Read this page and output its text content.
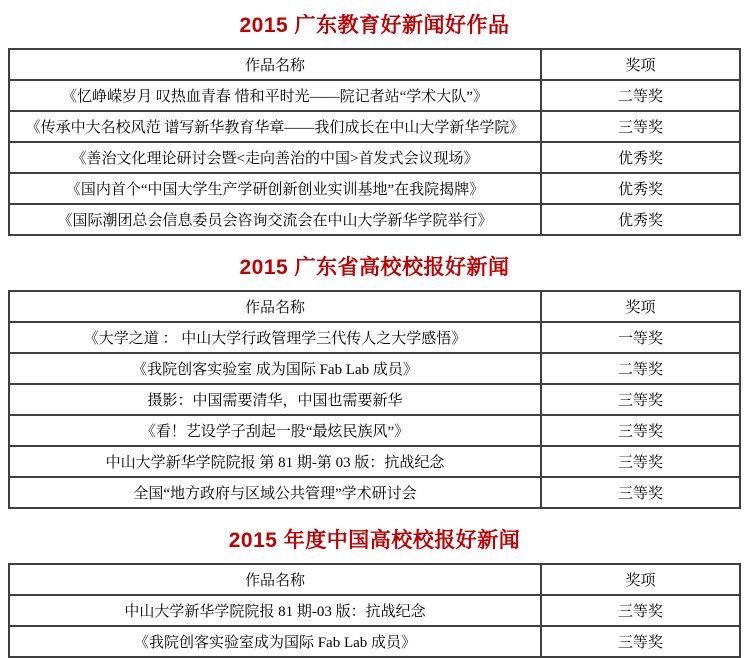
2015 广东教育好新闻好作品
作品名称	奖项
《忆峥嵘岁月 叹热血青春 惜和平时光——院记者站“学术大队”》	二等奖
《传承中大名校风范 谱写新华教育华章——我们成长在中山大学新华学院》	三等奖
《善治文化理论研讨会暨<走向善治的中国>首发式会议现场》	优秀奖
《国内首个“中国大学生产学研创新创业实训基地”在我院揭牌》	优秀奖
《国际潮团总会信息委员会咨询交流会在中山大学新华学院举行》	优秀奖
2015 广东省高校校报好新闻
作品名称	奖项
《大学之道 ： 中山大学行政管理学三代传人之大学感悟》	一等奖
《我院创客实验室 成为国际 Fab Lab 成员》	二等奖
摄影：中国需要清华，中国也需要新华	三等奖
《看！艺设学子刮起一股“最炫民族风”》	三等奖
中山大学新华学院院报 第 81 期-第 03 版：抗战纪念	三等奖
全国“地方政府与区域公共管理”学术研讨会	三等奖
2015 年度中国高校校报好新闻
作品名称	奖项
中山大学新华学院院报 81 期-03 版：抗战纪念	三等奖
《我院创客实验室成为国际 Fab Lab 成员》	三等奖
